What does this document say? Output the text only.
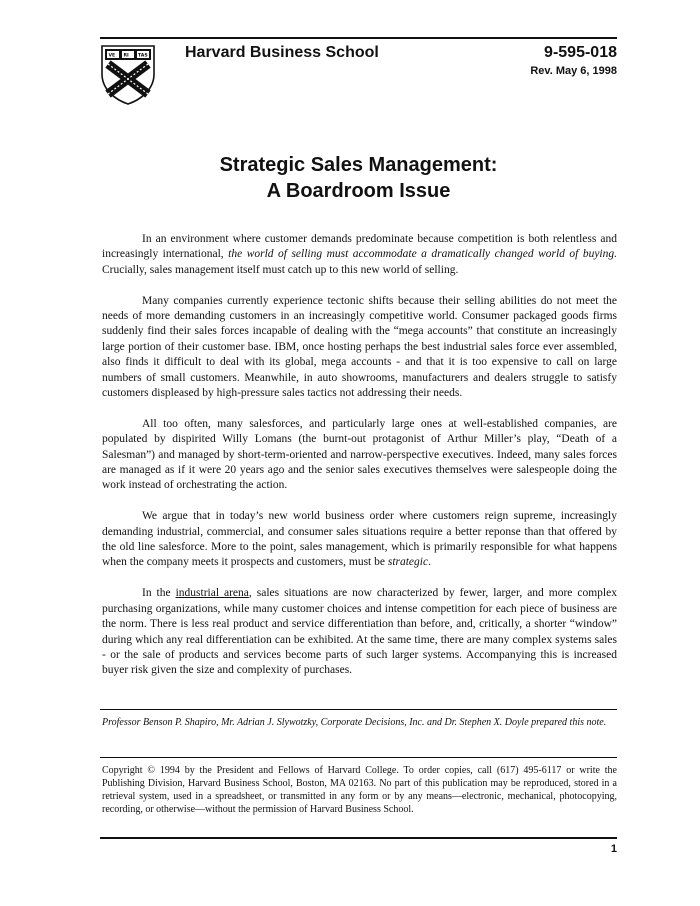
VE RI TAS Harvard Business School	9-595-018
Rev. May 6, 1998
Strategic Sales Management:
A Boardroom Issue

In an environment where customer demands predominate because competition is both relentless and increasingly international, the world of selling must accommodate a dramatically changed world of buying. Crucially, sales management itself must catch up to this new world of selling.

Many companies currently experience tectonic shifts because their selling abilities do not meet the needs of more demanding customers in an increasingly competitive world. Consumer packaged goods firms suddenly find their sales forces incapable of dealing with the “mega accounts” that constitute an increasingly large portion of their customer base. IBM, once hosting perhaps the best industrial sales force ever assembled, also finds it difficult to deal with its global, mega accounts - and that it is too expensive to call on large numbers of small customers. Meanwhile, in auto showrooms, manufacturers and dealers struggle to satisfy customers displeased by high-pressure sales tactics not addressing their needs.

All too often, many salesforces, and particularly large ones at well-established companies, are populated by dispirited Willy Lomans (the burnt-out protagonist of Arthur Miller’s play, “Death of a Salesman”) and managed by short-term-oriented and narrow-perspective executives. Indeed, many sales forces are managed as if it were 20 years ago and the senior sales executives themselves were salespeople doing the work instead of orchestrating the action.

We argue that in today’s new world business order where customers reign supreme, increasingly demanding industrial, commercial, and consumer sales situations require a better reponse than that offered by the old line salesforce. More to the point, sales management, which is primarily responsible for what happens when the company meets it prospects and customers, must be strategic.

In the industrial arena, sales situations are now characterized by fewer, larger, and more complex purchasing organizations, while many customer choices and intense competition for each piece of business are the norm. There is less real product and service differentiation than before, and, critically, a shorter “window” during which any real differentiation can be exhibited. At the same time, there are many complex systems sales - or the sale of products and services become parts of such larger systems. Accompanying this is increased buyer risk given the size and complexity of purchases.

Professor Benson P. Shapiro, Mr. Adrian J. Slywotzky, Corporate Decisions, Inc. and Dr. Stephen X. Doyle prepared this note.
Copyright © 1994 by the President and Fellows of Harvard College. To order copies, call (617) 495-6117 or write the Publishing Division, Harvard Business School, Boston, MA 02163. No part of this publication may be reproduced, stored in a retrieval system, used in a spreadsheet, or transmitted in any form or by any means—electronic, mechanical, photocopying, recording, or otherwise—without the permission of Harvard Business School.
1
